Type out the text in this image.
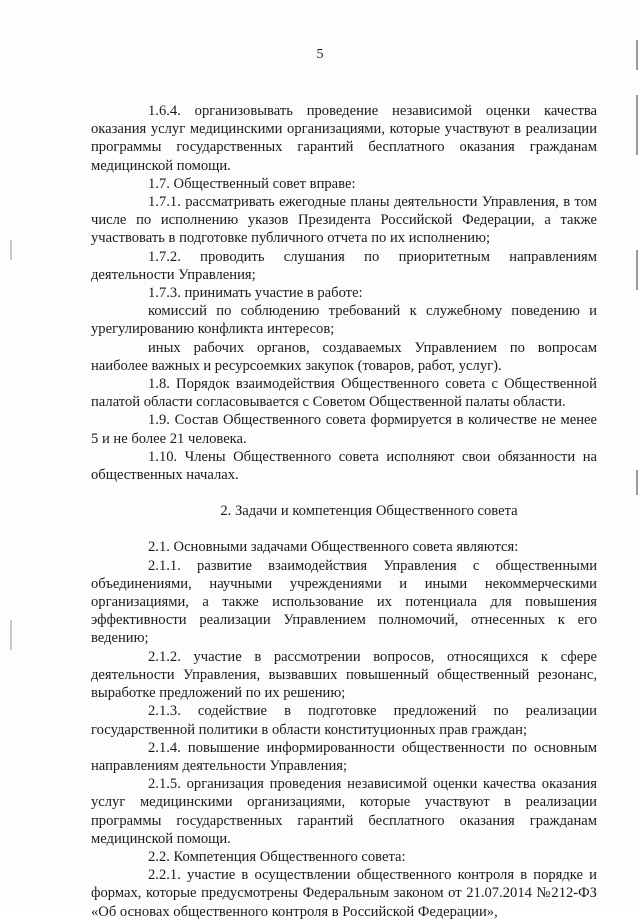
5

1.6.4. организовывать проведение независимой оценки качества оказания услуг медицинскими организациями, которые участвуют в реализации программы государственных гарантий бесплатного оказания гражданам медицинской помощи.

1.7. Общественный совет вправе:

1.7.1. рассматривать ежегодные планы деятельности Управления, в том числе по исполнению указов Президента Российской Федерации, а также участвовать в подготовке публичного отчета по их исполнению;

1.7.2. проводить слушания по приоритетным направлениям деятельности Управления;

1.7.3. принимать участие в работе:

комиссий по соблюдению требований к служебному поведению и урегулированию конфликта интересов;

иных рабочих органов, создаваемых Управлением по вопросам наиболее важных и ресурсоемких закупок (товаров, работ, услуг).

1.8. Порядок взаимодействия Общественного совета с Общественной палатой области согласовывается с Советом Общественной палаты области.

1.9. Состав Общественного совета формируется в количестве не менее 5 и не более 21 человека.

1.10. Члены Общественного совета исполняют свои обязанности на общественных началах.

2. Задачи и компетенция Общественного совета

2.1. Основными задачами Общественного совета являются:

2.1.1. развитие взаимодействия Управления с общественными объединениями, научными учреждениями и иными некоммерческими организациями, а также использование их потенциала для повышения эффективности реализации Управлением полномочий, отнесенных к его ведению;

2.1.2. участие в рассмотрении вопросов, относящихся к сфере деятельности Управления, вызвавших повышенный общественный резонанс, выработке предложений по их решению;

2.1.3. содействие в подготовке предложений по реализации государственной политики в области конституционных прав граждан;

2.1.4. повышение информированности общественности по основным направлениям деятельности Управления;

2.1.5. организация проведения независимой оценки качества оказания услуг медицинскими организациями, которые участвуют в реализации программы государственных гарантий бесплатного оказания гражданам медицинской помощи.

2.2. Компетенция Общественного совета:

2.2.1. участие в осуществлении общественного контроля в порядке и формах, которые предусмотрены Федеральным законом от 21.07.2014 №212-ФЗ «Об основах общественного контроля в Российской Федерации»,
